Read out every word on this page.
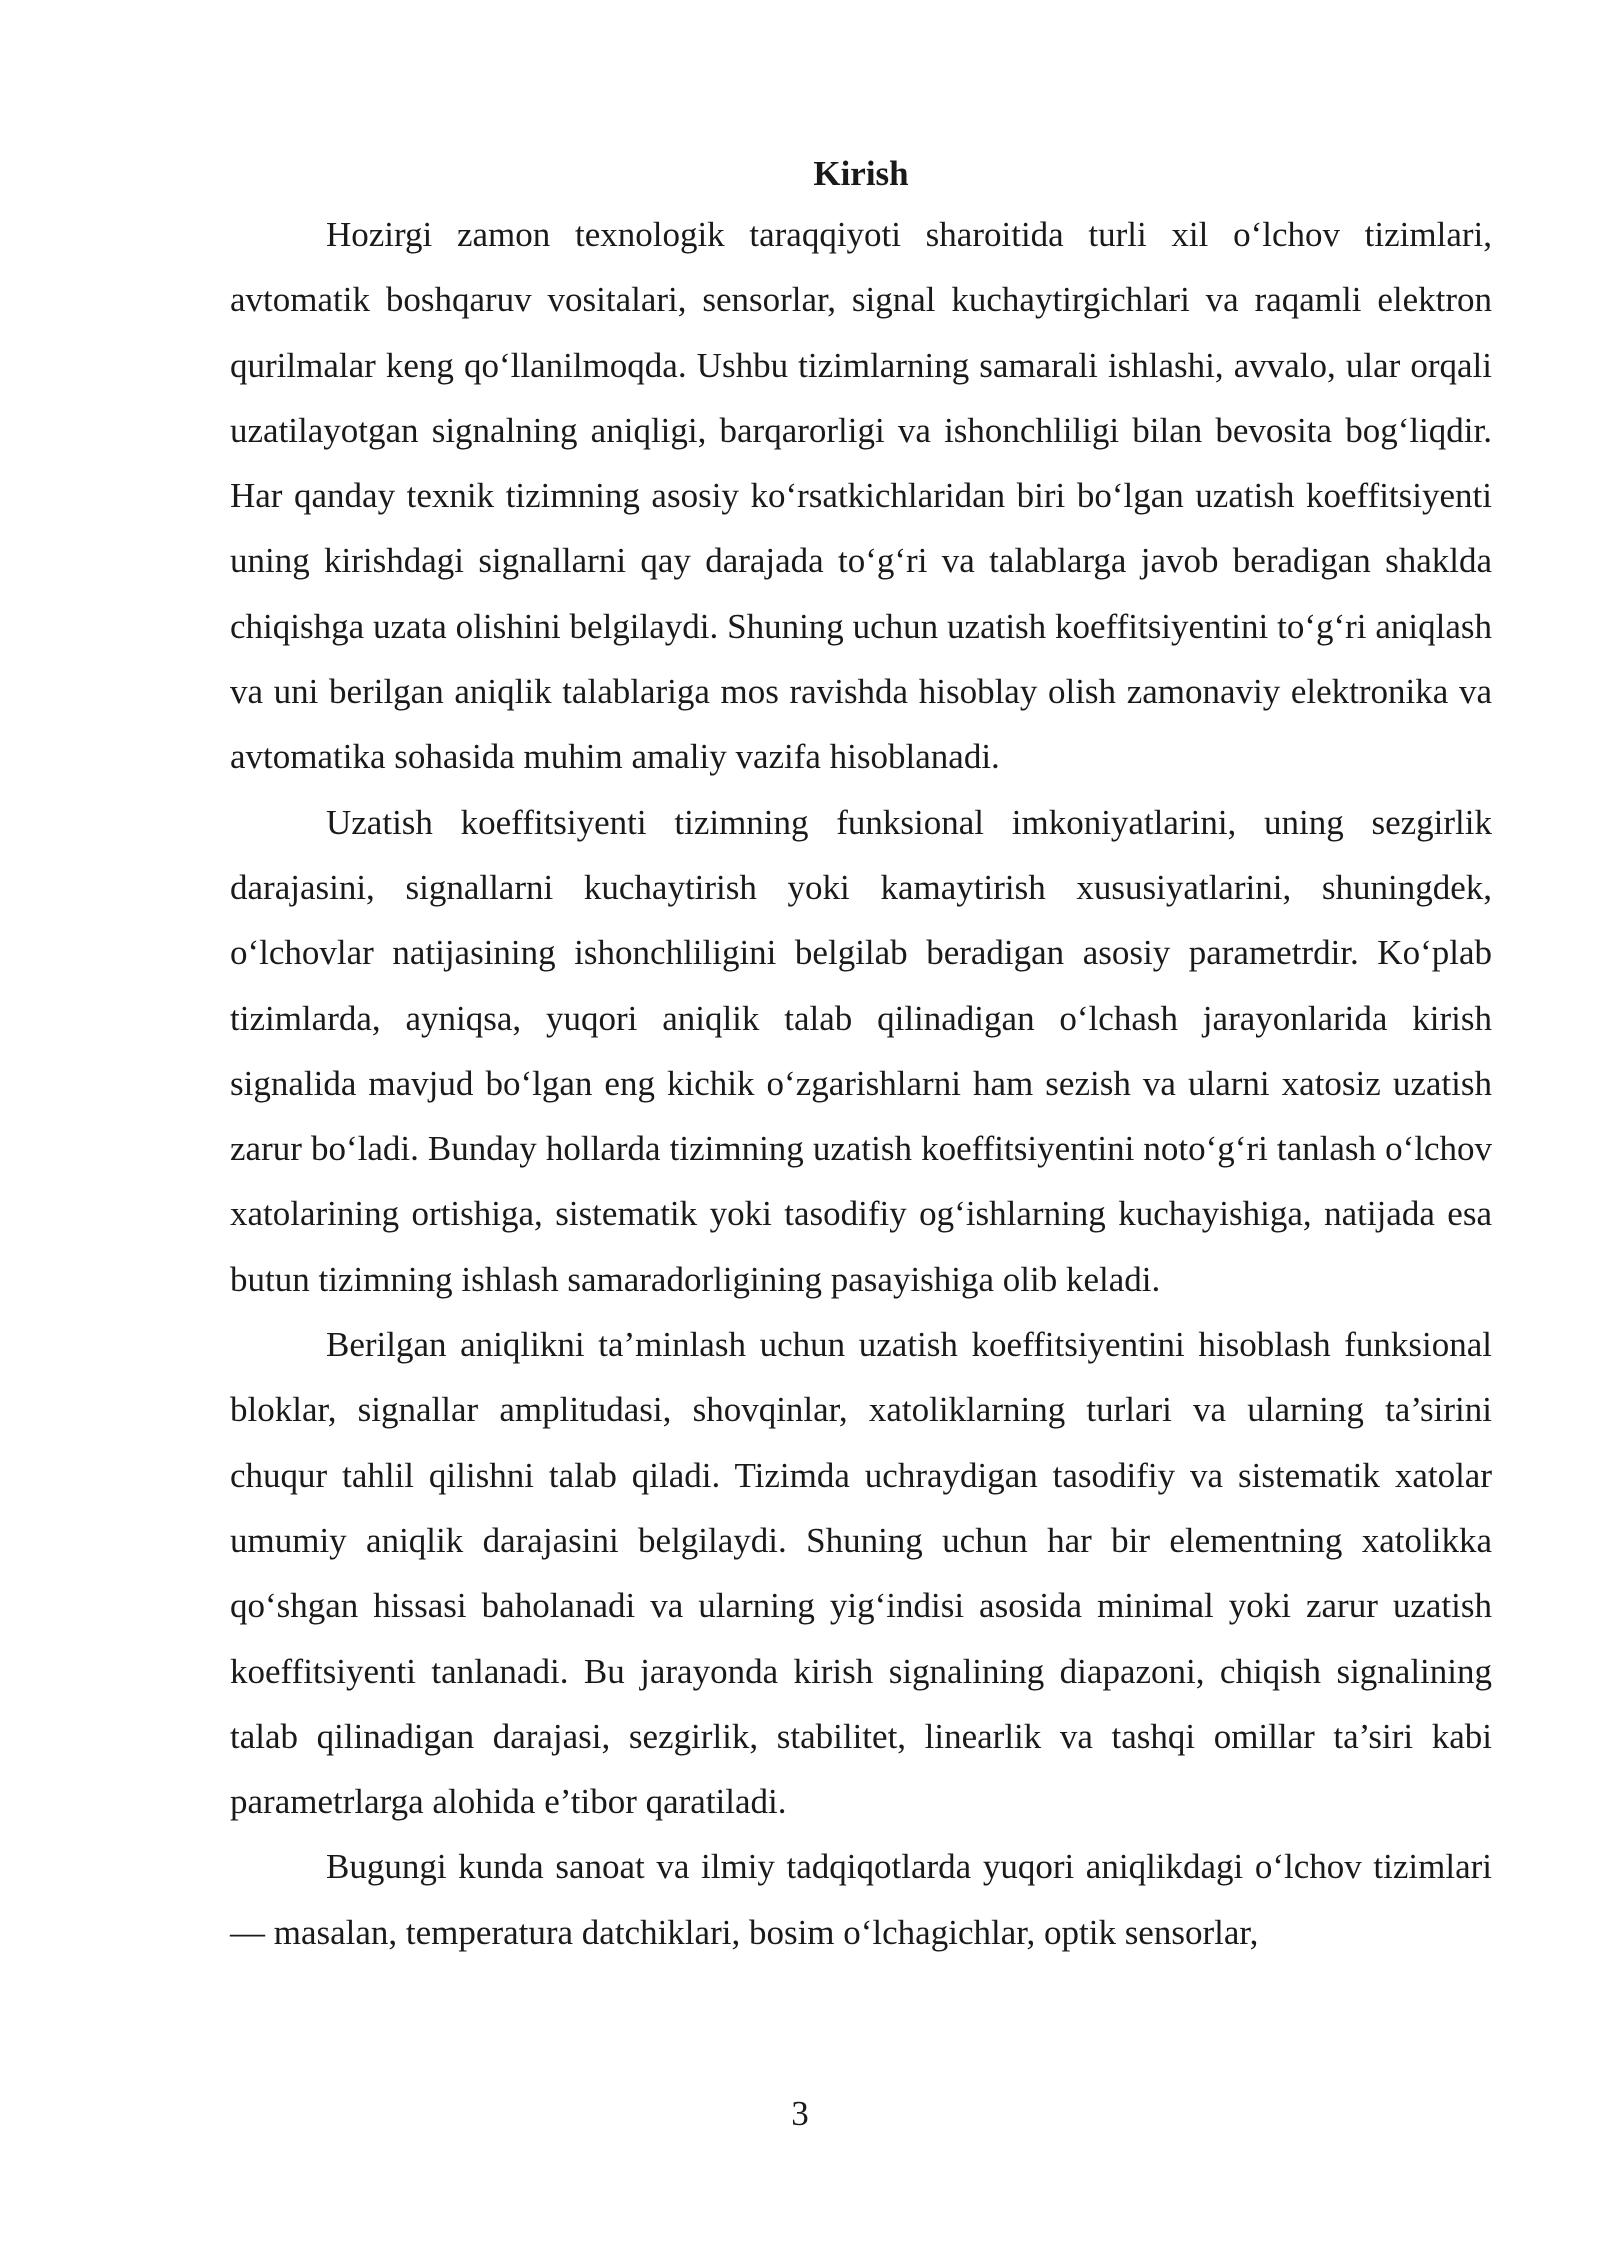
Kirish

Hozirgi zamon texnologik taraqqiyoti sharoitida turli xil o‘lchov tizimlari, avtomatik boshqaruv vositalari, sensorlar, signal kuchaytirgichlari va raqamli elektron qurilmalar keng qo‘llanilmoqda. Ushbu tizimlarning samarali ishlashi, avvalo, ular orqali uzatilayotgan signalning aniqligi, barqarorligi va ishonchliligi bilan bevosita bog‘liqdir. Har qanday texnik tizimning asosiy ko‘rsatkichlaridan biri bo‘lgan uzatish koeffitsiyenti uning kirishdagi signallarni qay darajada to‘g‘ri va talablarga javob beradigan shaklda chiqishga uzata olishini belgilaydi. Shuning uchun uzatish koeffitsiyentini to‘g‘ri aniqlash va uni berilgan aniqlik talablariga mos ravishda hisoblay olish zamonaviy elektronika va avtomatika sohasida muhim amaliy vazifa hisoblanadi.

Uzatish koeffitsiyenti tizimning funksional imkoniyatlarini, uning sezgirlik darajasini, signallarni kuchaytirish yoki kamaytirish xususiyatlarini, shuningdek, o‘lchovlar natijasining ishonchliligini belgilab beradigan asosiy parametrdir. Ko‘plab tizimlarda, ayniqsa, yuqori aniqlik talab qilinadigan o‘lchash jarayonlarida kirish signalida mavjud bo‘lgan eng kichik o‘zgarishlarni ham sezish va ularni xatosiz uzatish zarur bo‘ladi. Bunday hollarda tizimning uzatish koeffitsiyentini noto‘g‘ri tanlash o‘lchov xatolarining ortishiga, sistematik yoki tasodifiy og‘ishlarning kuchayishiga, natijada esa butun tizimning ishlash samaradorligining pasayishiga olib keladi.

Berilgan aniqlikni ta’minlash uchun uzatish koeffitsiyentini hisoblash funksional bloklar, signallar amplitudasi, shovqinlar, xatoliklarning turlari va ularning ta’sirini chuqur tahlil qilishni talab qiladi. Tizimda uchraydigan tasodifiy va sistematik xatolar umumiy aniqlik darajasini belgilaydi. Shuning uchun har bir elementning xatolikka qo‘shgan hissasi baholanadi va ularning yig‘indisi asosida minimal yoki zarur uzatish koeffitsiyenti tanlanadi. Bu jarayonda kirish signalining diapazoni, chiqish signalining talab qilinadigan darajasi, sezgirlik, stabilitet, linearlik va tashqi omillar ta’siri kabi parametrlarga alohida e’tibor qaratiladi.

Bugungi kunda sanoat va ilmiy tadqiqotlarda yuqori aniqlikdagi o‘lchov tizimlari — masalan, temperatura datchiklari, bosim o‘lchagichlar, optik sensorlar,

3
